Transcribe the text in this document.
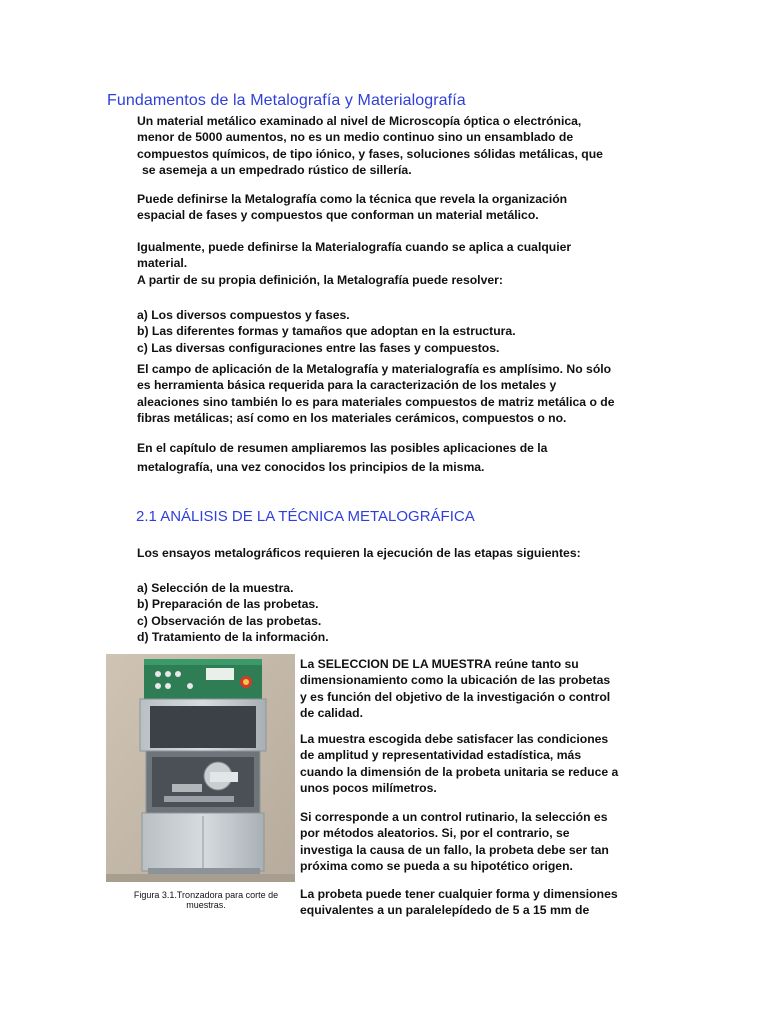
Fundamentos de la Metalografía y Materialografía
Un material metálico examinado al nivel de Microscopía óptica o electrónica,
menor de 5000 aumentos, no es un medio continuo sino un ensamblado de
compuestos químicos, de tipo iónico, y fases, soluciones sólidas metálicas, que
se asemeja a un empedrado rústico de sillería.
Puede definirse la Metalografía como la técnica que revela la organización
espacial de fases y compuestos que conforman un material metálico.
Igualmente, puede definirse la Materialografía cuando se aplica a cualquier
material.
A partir de su propia definición, la Metalografía puede resolver:
a) Los diversos compuestos y fases.
b) Las diferentes formas y tamaños que adoptan en la estructura.
c) Las diversas configuraciones entre las fases y compuestos.
El campo de aplicación de la Metalografía y materialografía es amplísimo. No sólo
es herramienta básica requerida para la caracterización de los metales y
aleaciones sino también lo es para materiales compuestos de matriz metálica o de
fibras metálicas; así como en los materiales cerámicos, compuestos o no.
En el capítulo de resumen ampliaremos las posibles aplicaciones de la
metalografía, una vez conocidos los principios de la misma.
2.1 ANÁLISIS DE LA TÉCNICA METALOGRÁFICA
Los ensayos metalográficos requieren la ejecución de las etapas siguientes:
a) Selección de la muestra.
b) Preparación de las probetas.
c) Observación de las probetas.
d) Tratamiento de la información.
Figura 3.1.Tronzadora para corte de
muestras.
La SELECCION DE LA MUESTRA reúne tanto su
dimensionamiento como la ubicación de las probetas
y es función del objetivo de la investigación o control
de calidad.
La muestra escogida debe satisfacer las condiciones
de amplitud y representatividad estadística, más
cuando la dimensión de la probeta unitaria se reduce a
unos pocos milímetros.
Si corresponde a un control rutinario, la selección es
por métodos aleatorios. Si, por el contrario, se
investiga la causa de un fallo, la probeta debe ser tan
próxima como se pueda a su hipotético origen.
La probeta puede tener cualquier forma y dimensiones
equivalentes a un paralelepídedo de 5 a 15 mm de
